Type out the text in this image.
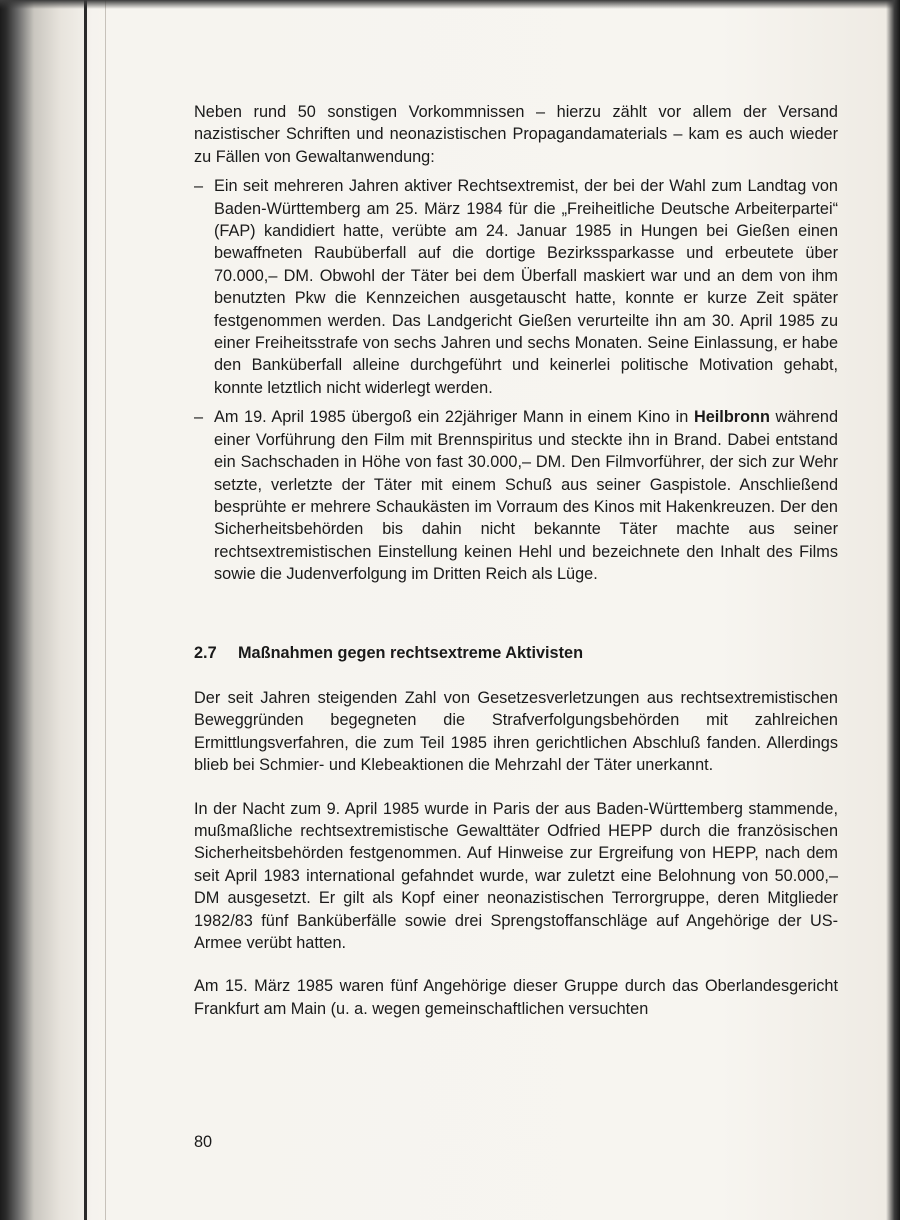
Neben rund 50 sonstigen Vorkommnissen – hierzu zählt vor allem der Versand nazistischer Schriften und neonazistischen Propagandamaterials – kam es auch wieder zu Fällen von Gewaltanwendung:

– Ein seit mehreren Jahren aktiver Rechtsextremist, der bei der Wahl zum Landtag von Baden-Württemberg am 25. März 1984 für die „Freiheitliche Deutsche Arbeiterpartei“ (FAP) kandidiert hatte, verübte am 24. Januar 1985 in Hungen bei Gießen einen bewaffneten Raubüberfall auf die dortige Bezirkssparkasse und erbeutete über 70.000,– DM. Obwohl der Täter bei dem Überfall maskiert war und an dem von ihm benutzten Pkw die Kennzeichen ausgetauscht hatte, konnte er kurze Zeit später festgenommen werden. Das Landgericht Gießen verurteilte ihn am 30. April 1985 zu einer Freiheitsstrafe von sechs Jahren und sechs Monaten. Seine Einlassung, er habe den Banküberfall alleine durchgeführt und keinerlei politische Motivation gehabt, konnte letztlich nicht widerlegt werden.

– Am 19. April 1985 übergoß ein 22jähriger Mann in einem Kino in Heilbronn während einer Vorführung den Film mit Brennspiritus und steckte ihn in Brand. Dabei entstand ein Sachschaden in Höhe von fast 30.000,– DM. Den Filmvorführer, der sich zur Wehr setzte, verletzte der Täter mit einem Schuß aus seiner Gaspistole. Anschließend besprühte er mehrere Schaukästen im Vorraum des Kinos mit Hakenkreuzen. Der den Sicherheitsbehörden bis dahin nicht bekannte Täter machte aus seiner rechtsextremistischen Einstellung keinen Hehl und bezeichnete den Inhalt des Films sowie die Judenverfolgung im Dritten Reich als Lüge.

2.7 Maßnahmen gegen rechtsextreme Aktivisten

Der seit Jahren steigenden Zahl von Gesetzesverletzungen aus rechtsextremistischen Beweggründen begegneten die Strafverfolgungsbehörden mit zahlreichen Ermittlungsverfahren, die zum Teil 1985 ihren gerichtlichen Abschluß fanden. Allerdings blieb bei Schmier- und Klebeaktionen die Mehrzahl der Täter unerkannt.

In der Nacht zum 9. April 1985 wurde in Paris der aus Baden-Württemberg stammende, mußmaßliche rechtsextremistische Gewalttäter Odfried HEPP durch die französischen Sicherheitsbehörden festgenommen. Auf Hinweise zur Ergreifung von HEPP, nach dem seit April 1983 international gefahndet wurde, war zuletzt eine Belohnung von 50.000,– DM ausgesetzt. Er gilt als Kopf einer neonazistischen Terrorgruppe, deren Mitglieder 1982/83 fünf Banküberfälle sowie drei Sprengstoffanschläge auf Angehörige der US-Armee verübt hatten.

Am 15. März 1985 waren fünf Angehörige dieser Gruppe durch das Oberlandesgericht Frankfurt am Main (u. a. wegen gemeinschaftlichen versuchten

80
